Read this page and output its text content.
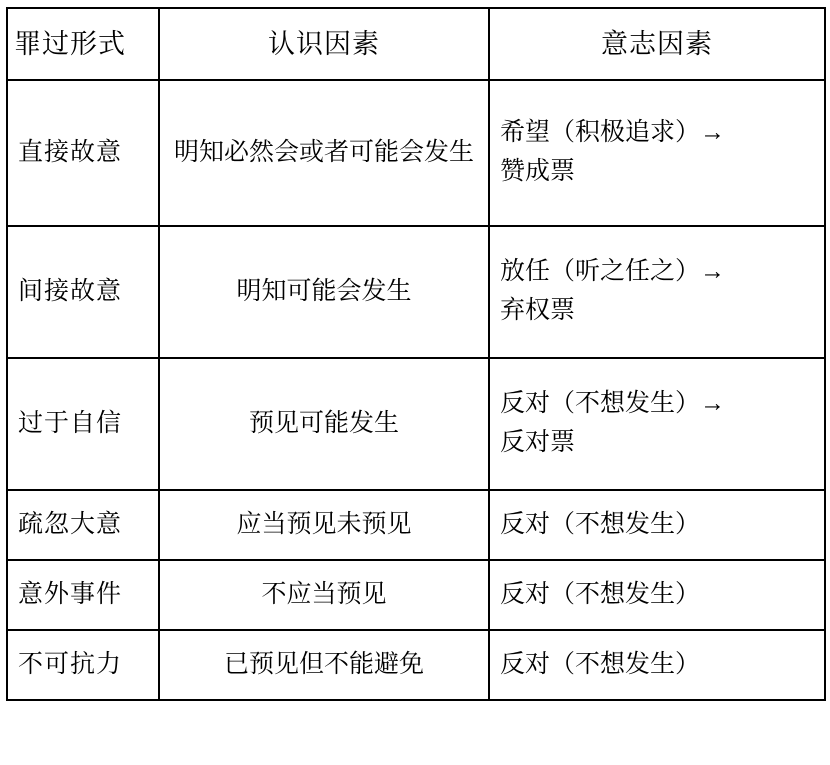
罪过形式	认识因素	意志因素
直接故意	明知必然会或者可能会发生	希望（积极追求）→
赞成票

间接故意	明知可能会发生	放任（听之任之）→
弃权票

过于自信	预见可能发生	反对（不想发生）→
反对票

疏忽大意	应当预见未预见	反对（不想发生）
意外事件	不应当预见	反对（不想发生）
不可抗力	已预见但不能避免	反对（不想发生）
